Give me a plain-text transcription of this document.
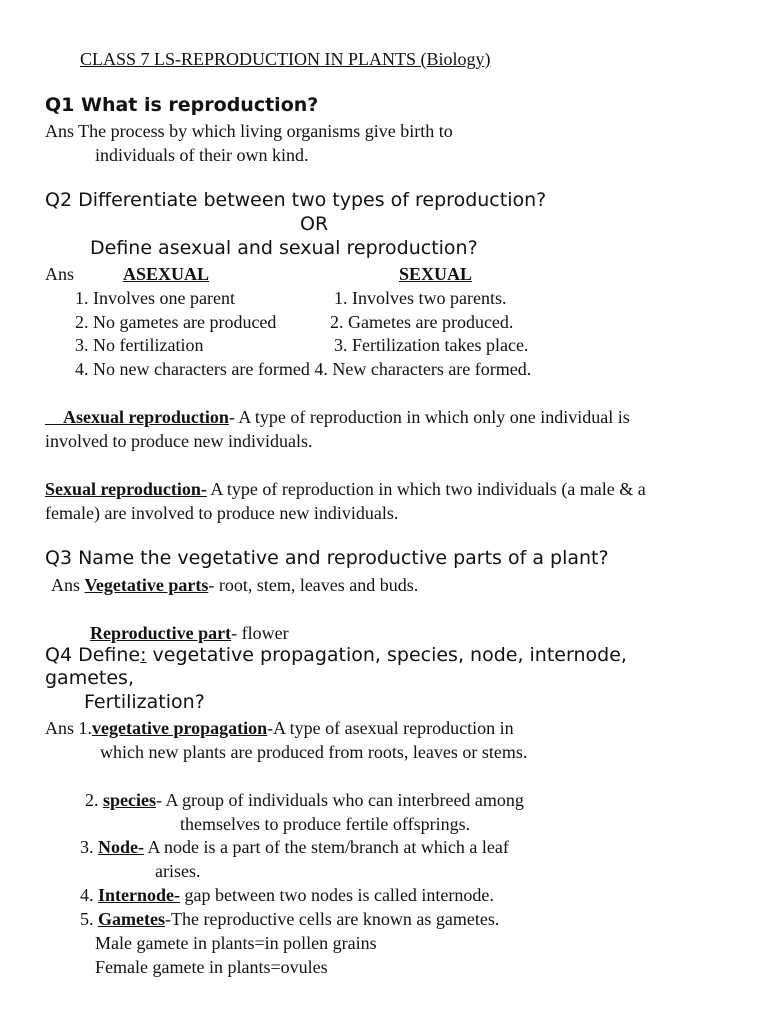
CLASS 7 LS-REPRODUCTION IN PLANTS (Biology)
Q1 What is reproduction?
Ans The process by which living organisms give birth to
individuals of their own kind.
Q2 Differentiate between two types of reproduction?
OR
Define asexual and sexual reproduction?
Ans	ASEXUAL	SEXUAL
1. Involves one parent	1. Involves two parents.
2. No gametes are produced	2. Gametes are produced.
3. No fertilization	3. Fertilization takes place.
4. No new characters are formed 4. New characters are formed.
Asexual reproduction- A type of reproduction in which only one individual is
involved to produce new individuals.
Sexual reproduction- A type of reproduction in which two individuals (a male & a
female) are involved to produce new individuals.
Q3 Name the vegetative and reproductive parts of a plant?
Ans Vegetative parts- root, stem, leaves and buds.
Reproductive part- flower
Q4 Define: vegetative propagation, species, node, internode,
gametes,
Fertilization?
Ans 1.vegetative propagation-A type of asexual reproduction in
which new plants are produced from roots, leaves or stems.
2. species- A group of individuals who can interbreed among
themselves to produce fertile offsprings.
3. Node- A node is a part of the stem/branch at which a leaf
arises.
4. Internode- gap between two nodes is called internode.
5. Gametes-The reproductive cells are known as gametes.
Male gamete in plants=in pollen grains
Female gamete in plants=ovules
